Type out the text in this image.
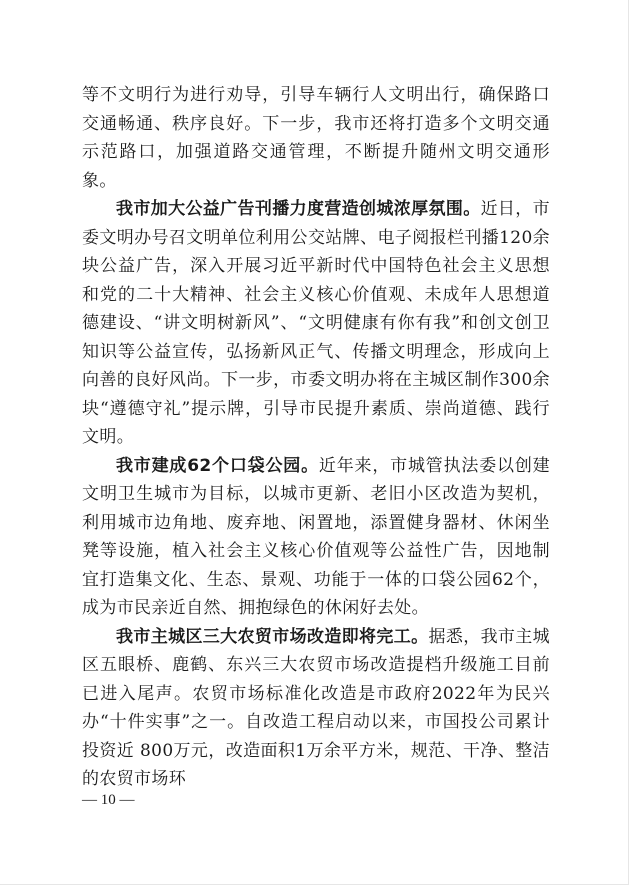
等不文明行为进行劝导，引导车辆行人文明出行，确保路口交通畅通、秩序良好。下一步，我市还将打造多个文明交通示范路口，加强道路交通管理，不断提升随州文明交通形象。

我市加大公益广告刊播力度营造创城浓厚氛围。近日，市委文明办号召文明单位利用公交站牌、电子阅报栏刊播120余块公益广告，深入开展习近平新时代中国特色社会主义思想和党的二十大精神、社会主义核心价值观、未成年人思想道德建设、“讲文明树新风”、“文明健康有你有我”和创文创卫知识等公益宣传，弘扬新风正气、传播文明理念，形成向上向善的良好风尚。下一步，市委文明办将在主城区制作300余块“遵德守礼”提示牌，引导市民提升素质、崇尚道德、践行文明。

我市建成62个口袋公园。近年来，市城管执法委以创建文明卫生城市为目标，以城市更新、老旧小区改造为契机，利用城市边角地、废弃地、闲置地，添置健身器材、休闲坐凳等设施，植入社会主义核心价值观等公益性广告，因地制宜打造集文化、生态、景观、功能于一体的口袋公园62个，成为市民亲近自然、拥抱绿色的休闲好去处。

我市主城区三大农贸市场改造即将完工。据悉，我市主城区五眼桥、鹿鹤、东兴三大农贸市场改造提档升级施工目前已进入尾声。农贸市场标准化改造是市政府2022年为民兴办“十件实事”之一。自改造工程启动以来，市国投公司累计投资近 800万元，改造面积1万余平方米，规范、干净、整洁的农贸市场环

— 10 —
